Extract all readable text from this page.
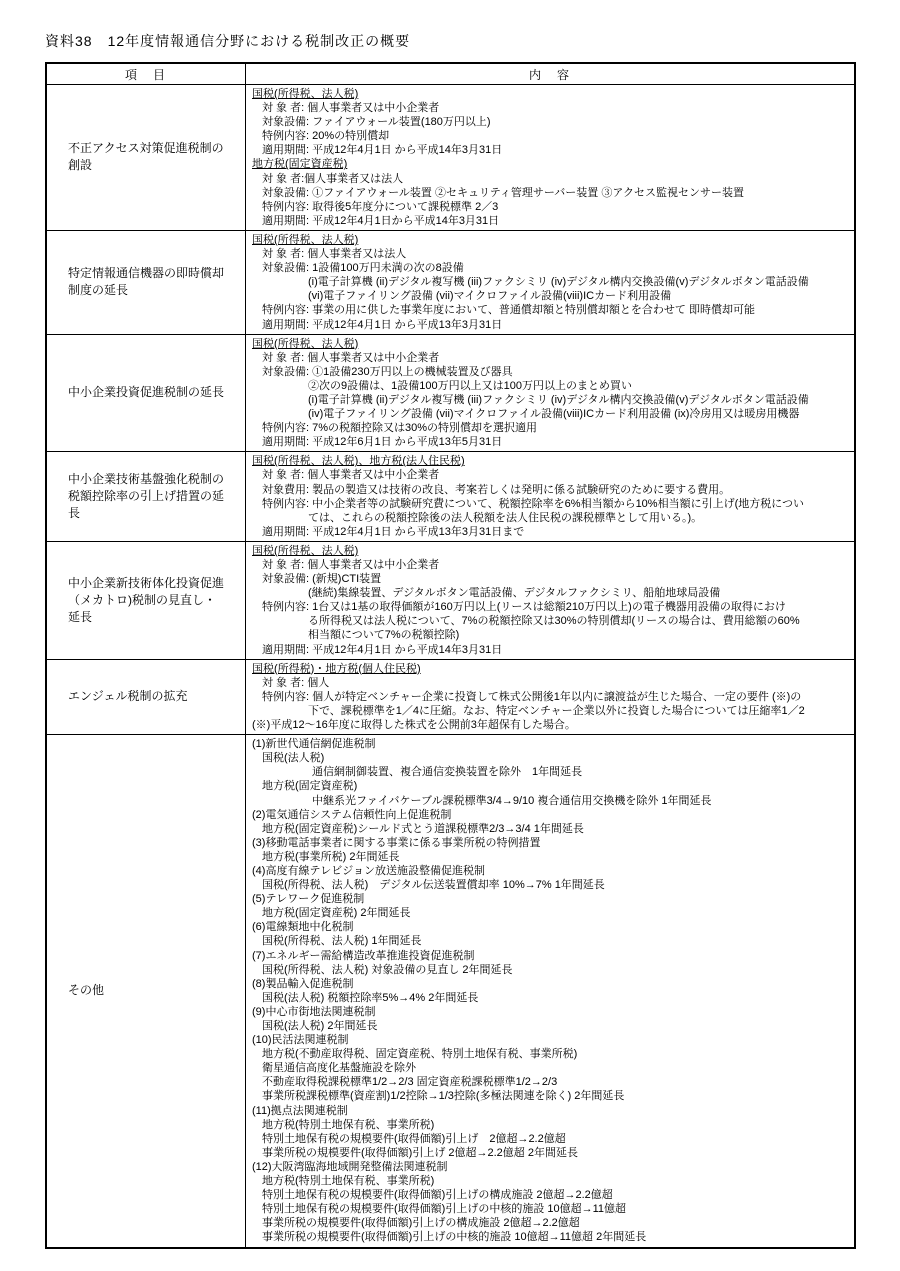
資料38　12年度情報通信分野における税制改正の概要
項　目	内　容
不正アクセス対策促進税制の創設	
国税(所得税、法人税)
対 象 者: 個人事業者又は中小企業者
対象設備: ファイアウォール装置(180万円以上)
特例内容: 20%の特別償却
適用期間: 平成12年4月1日 から平成14年3月31日
地方税(固定資産税)
対 象 者:個人事業者又は法人
対象設備: ①ファイアウォール装置 ②セキュリティ管理サーバー装置 ③アクセス監視センサー装置
特例内容: 取得後5年度分について課税標準 2／3
適用期間: 平成12年4月1日から平成14年3月31日

特定情報通信機器の即時償却制度の延長	
国税(所得税、法人税)
対 象 者: 個人事業者又は法人
対象設備: 1設備100万円未満の次の8設備
(i)電子計算機 (ii)デジタル複写機 (iii)ファクシミリ (iv)デジタル構内交換設備(v)デジタルボタン電話設備
(vi)電子ファイリング設備 (vii)マイクロファイル設備(viii)ICカード利用設備
特例内容: 事業の用に供した事業年度において、普通償却額と特別償却額とを合わせて 即時償却可能
適用期間: 平成12年4月1日 から平成13年3月31日

中小企業投資促進税制の延長	
国税(所得税、法人税)
対 象 者: 個人事業者又は中小企業者
対象設備: ①1設備230万円以上の機械装置及び器具
②次の9設備は、1設備100万円以上又は100万円以上のまとめ買い
(i)電子計算機 (ii)デジタル複写機 (iii)ファクシミリ (iv)デジタル構内交換設備(v)デジタルボタン電話設備
(iv)電子ファイリング設備 (vii)マイクロファイル設備(viii)ICカード利用設備 (ix)冷房用又は暖房用機器
特例内容: 7%の税額控除又は30%の特別償却を選択適用
適用期間: 平成12年6月1日 から平成13年5月31日

中小企業技術基盤強化税制の税額控除率の引上げ措置の延長	
国税(所得税、法人税)、地方税(法人住民税)
対 象 者: 個人事業者又は中小企業者
対象費用: 製品の製造又は技術の改良、考案若しくは発明に係る試験研究のために要する費用。
特例内容: 中小企業者等の試験研究費について、税額控除率を6%相当額から10%相当額に引上げ(地方税につい
ては、これらの税額控除後の法人税額を法人住民税の課税標準として用いる。)。
適用期間: 平成12年4月1日 から平成13年3月31日まで

中小企業新技術体化投資促進（メカトロ)税制の見直し・延長	
国税(所得税、法人税)
対 象 者: 個人事業者又は中小企業者
対象設備: (新規)CTI装置
(継続)集線装置、デジタルボタン電話設備、デジタルファクシミリ、船舶地球局設備
特例内容: 1台又は1基の取得価額が160万円以上(リースは総額210万円以上)の電子機器用設備の取得におけ
る所得税又は法人税について、7%の税額控除又は30%の特別償却(リースの場合は、費用総額の60%
相当額について7%の税額控除)
適用期間: 平成12年4月1日 から平成14年3月31日

エンジェル税制の拡充	国税(所得税)・地方税(個人住民税)
対 象 者: 個人
特例内容: 個人が特定ベンチャー企業に投資して株式公開後1年以内に譲渡益が生じた場合、一定の要件 (※)の
下で、課税標準を1／4に圧縮。なお、特定ベンチャー企業以外に投資した場合については圧縮率1／2
(※)平成12～16年度に取得した株式を公開前3年超保有した場合。

その他	
(1)新世代通信網促進税制
国税(法人税)
通信網制御装置、複合通信変換装置を除外　1年間延長
地方税(固定資産税)
中継系光ファイバケーブル課税標準3/4→9/10 複合通信用交換機を除外 1年間延長
(2)電気通信システム信頼性向上促進税制
地方税(固定資産税)シールド式とう道課税標準2/3→3/4 1年間延長
(3)移動電話事業者に関する事業に係る事業所税の特例措置
地方税(事業所税) 2年間延長
(4)高度有線テレビジョン放送施設整備促進税制
国税(所得税、法人税)　デジタル伝送装置償却率 10%→7% 1年間延長
(5)テレワーク促進税制
地方税(固定資産税) 2年間延長
(6)電線類地中化税制
国税(所得税、法人税) 1年間延長
(7)エネルギー需給構造改革推進投資促進税制
国税(所得税、法人税) 対象設備の見直し 2年間延長
(8)製品輸入促進税制
国税(法人税) 税額控除率5%→4% 2年間延長
(9)中心市街地法関連税制
国税(法人税) 2年間延長
(10)民活法関連税制
地方税(不動産取得税、固定資産税、特別土地保有税、事業所税)
衛星通信高度化基盤施設を除外
不動産取得税課税標準1/2→2/3 固定資産税課税標準1/2→2/3
事業所税課税標準(資産割)1/2控除→1/3控除(多極法関連を除く) 2年間延長
(11)拠点法関連税制
地方税(特別土地保有税、事業所税)
特別土地保有税の規模要件(取得価額)引上げ　2億超→2.2億超
事業所税の規模要件(取得価額)引上げ 2億超→2.2億超 2年間延長
(12)大阪湾臨海地域開発整備法関連税制
地方税(特別土地保有税、事業所税)
特別土地保有税の規模要件(取得価額)引上げの構成施設 2億超→2.2億超
特別土地保有税の規模要件(取得価額)引上げの中核的施設 10億超→11億超
事業所税の規模要件(取得価額)引上げの構成施設 2億超→2.2億超
事業所税の規模要件(取得価額)引上げの中核的施設 10億超→11億超 2年間延長
